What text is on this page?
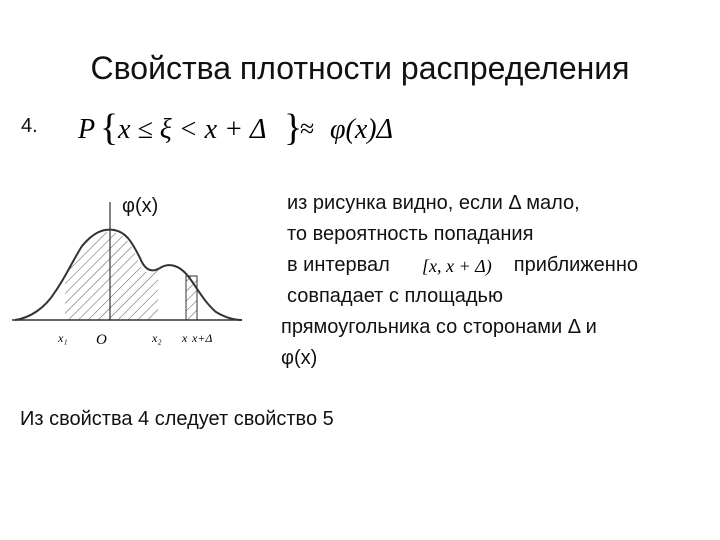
Свойства плотности распределения
4. P { x ≤ ξ < x + Δ }
≈ φ(x)Δ
φ(x)
x₁ O	x₂ x x+Δ
из рисунка видно, если Δ мало,
то вероятность попадания
в интервал	приближенно
совпадает с площадью
прямоугольника со сторонами Δ и
φ(x)
[x, x + Δ)
Из свойства 4 следует свойство 5
